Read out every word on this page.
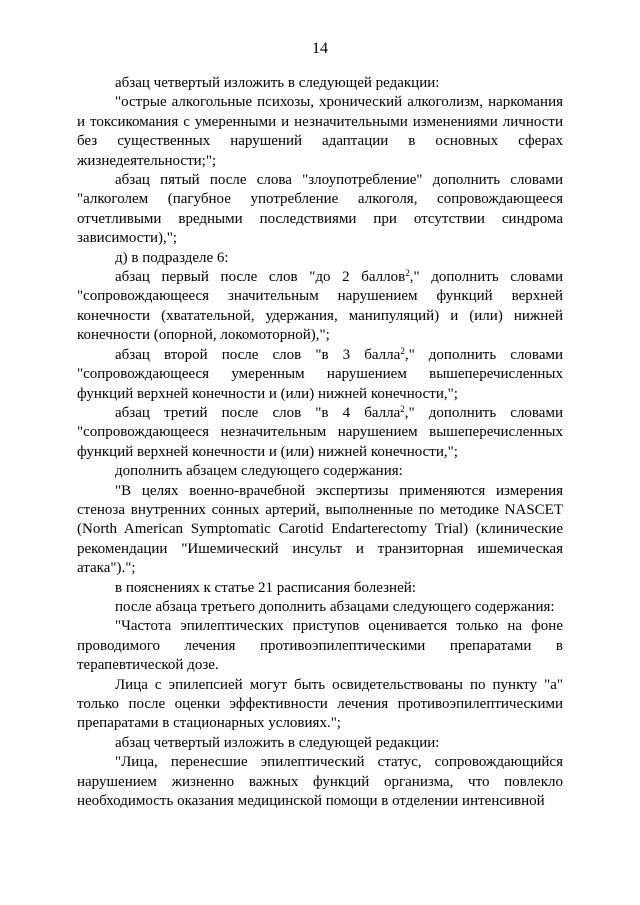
14

абзац четвертый изложить в следующей редакции:

"острые алкогольные психозы, хронический алкоголизм, наркомания и токсикомания с умеренными и незначительными изменениями личности без существенных нарушений адаптации в основных сферах жизнедеятельности;";

абзац пятый после слова "злоупотребление" дополнить словами "алкоголем (пагубное употребление алкоголя, сопровождающееся отчетливыми вредными последствиями при отсутствии синдрома зависимости),";

д) в подразделе 6:

абзац первый после слов "до 2 баллов$^2$," дополнить словами "сопровождающееся значительным нарушением функций верхней конечности (хватательной, удержания, манипуляций) и (или) нижней конечности (опорной, локомоторной),";

абзац второй после слов "в 3 балла$^2$," дополнить словами "сопровождающееся умеренным нарушением вышеперечисленных функций верхней конечности и (или) нижней конечности,";

абзац третий после слов "в 4 балла$^2$," дополнить словами "сопровождающееся незначительным нарушением вышеперечисленных функций верхней конечности и (или) нижней конечности,";

дополнить абзацем следующего содержания:

"В целях военно-врачебной экспертизы применяются измерения стеноза внутренних сонных артерий, выполненные по методике NASCET (North American Symptomatic Carotid Endarterectomy Trial) (клинические рекомендации "Ишемический инсульт и транзиторная ишемическая атака").";

в пояснениях к статье 21 расписания болезней:

после абзаца третьего дополнить абзацами следующего содержания:

"Частота эпилептических приступов оценивается только на фоне проводимого лечения противоэпилептическими препаратами в терапевтической дозе.

Лица с эпилепсией могут быть освидетельствованы по пункту "а" только после оценки эффективности лечения противоэпилептическими препаратами в стационарных условиях.";

абзац четвертый изложить в следующей редакции:

"Лица, перенесшие эпилептический статус, сопровождающийся нарушением жизненно важных функций организма, что повлекло необходимость оказания медицинской помощи в отделении интенсивной
